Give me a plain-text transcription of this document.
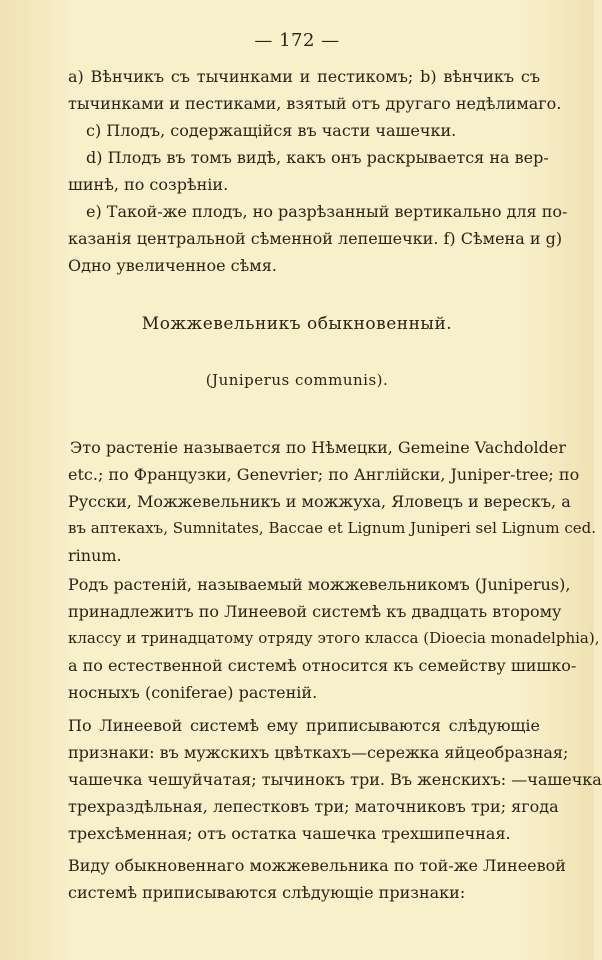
— 172 —
a) Вѣнчикъ съ тычинками и пестикомъ; b) вѣнчикъ съ
тычинками и пестиками, взятый отъ другаго недѣлимаго.
c) Плодъ, содержащійся въ части чашечки.
d) Плодъ въ томъ видѣ, какъ онъ раскрывается на вер-
шинѣ, по созрѣніи.
e) Такой-же плодъ, но разрѣзанный вертикально для по-
казанія центральной сѣменной лепешечки. f) Сѣмена и g)
Одно увеличенное сѣмя.
Можжевельникъ обыкновенный.
(Juniperus communis).
Это растеніе называется по Нѣмецки, Gemeine Vachdolder
etc.; по Французки, Genevrier; по Англійски, Juniper-tree; по
Русски, Можжевельникъ и можжуха, Яловецъ и верескъ, а
въ аптекахъ, Sumnitates, Baccae et Lignum Juniperi sel Lignum ced.
rinum.
Родъ растеній, называемый можжевельникомъ (Juniperus),
принадлежитъ по Линеевой системѣ къ двадцать второму
классу и тринадцатому отряду этого класса (Dioecia monadelphia),
а по естественной системѣ относится къ семейству шишко-
носныхъ (coniferae) растеній.
По Линеевой системѣ ему приписываются слѣдующіе
признаки: въ мужскихъ цвѣткахъ—сережка яйцеобразная;
чашечка чешуйчатая; тычинокъ три. Въ женскихъ: —чашечка
трехраздѣльная, лепестковъ три; маточниковъ три; ягода
трехсѣменная; отъ остатка чашечка трехшипечная.
Виду обыкновеннаго можжевельника по той-же Линеевой
системѣ приписываются слѣдующіе признаки:
